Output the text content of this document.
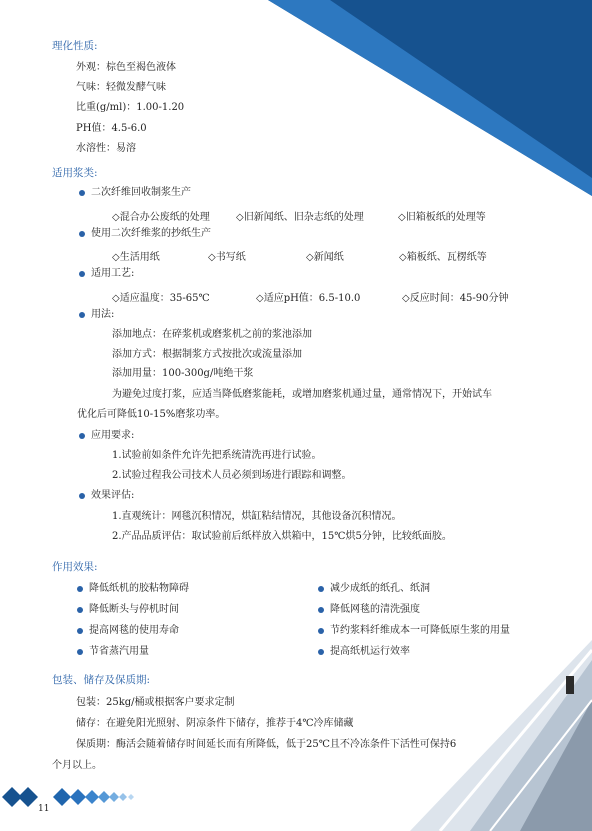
理化性质:
外观：棕色至褐色液体
气味：轻微发酵气味
比重(g/ml)：1.00-1.20
PH值：4.5-6.0
水溶性：易溶
适用浆类:
二次纤维回收制浆生产
◇混合办公废纸的处理	◇旧新闻纸、旧杂志纸的处理	◇旧箱板纸的处理等
使用二次纤维浆的抄纸生产
◇生活用纸	◇书写纸	◇新闻纸	◇箱板纸、瓦楞纸等
适用工艺:
◇适应温度：35-65℃	◇适应pH值：6.5-10.0	◇反应时间：45-90分钟
用法:
添加地点：在碎浆机或磨浆机之前的浆池添加
添加方式：根据制浆方式按批次或流量添加
添加用量：100-300g/吨绝干浆
为避免过度打浆，应适当降低磨浆能耗，或增加磨浆机通过量，通常情况下，开始试车
优化后可降低10-15%磨浆功率。
应用要求:
1.试验前如条件允许先把系统清洗再进行试验。
2.试验过程我公司技术人员必须到场进行跟踪和调整。
效果评估:
1.直观统计：网毯沉积情况，烘缸粘结情况，其他设备沉积情况。
2.产品品质评估：取试验前后纸样放入烘箱中，15℃烘5分钟，比较纸面胶。
作用效果:
降低纸机的胶粘物障碍
降低断头与停机时间
提高网毯的使用寿命
节省蒸汽用量
减少成纸的纸孔、纸洞
降低网毯的清洗强度
节约浆料纤维成本一可降低原生浆的用量
提高纸机运行效率
包装、储存及保质期:
包装：25kg/桶或根据客户要求定制
储存：在避免阳光照射、阴凉条件下储存，推荐于4℃冷库储藏
保质期：酶活会随着储存时间延长而有所降低，低于25℃且不冷冻条件下活性可保持6
个月以上。
11
